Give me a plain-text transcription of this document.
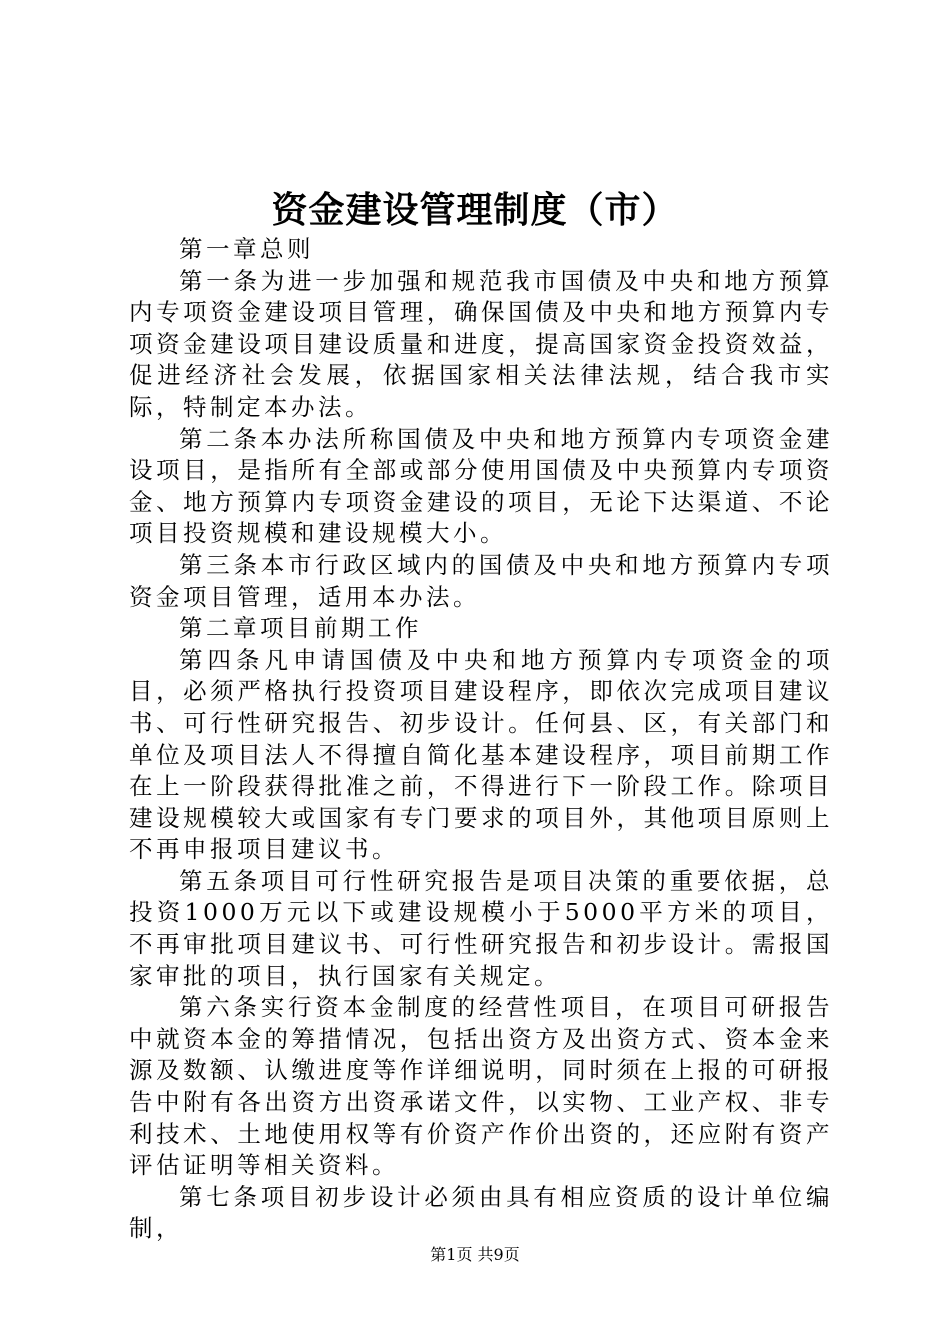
资金建设管理制度（市）

第一章总则

第一条为进一步加强和规范我市国债及中央和地方预算内专项资金建设项目管理，确保国债及中央和地方预算内专项资金建设项目建设质量和进度，提高国家资金投资效益，促进经济社会发展，依据国家相关法律法规，结合我市实际，特制定本办法。

第二条本办法所称国债及中央和地方预算内专项资金建设项目，是指所有全部或部分使用国债及中央预算内专项资金、地方预算内专项资金建设的项目，无论下达渠道、不论项目投资规模和建设规模大小。

第三条本市行政区域内的国债及中央和地方预算内专项资金项目管理，适用本办法。

第二章项目前期工作

第四条凡申请国债及中央和地方预算内专项资金的项目，必须严格执行投资项目建设程序，即依次完成项目建议书、可行性研究报告、初步设计。任何县、区，有关部门和单位及项目法人不得擅自简化基本建设程序，项目前期工作在上一阶段获得批准之前，不得进行下一阶段工作。除项目建设规模较大或国家有专门要求的项目外，其他项目原则上不再申报项目建议书。

第五条项目可行性研究报告是项目决策的重要依据，总投资1000万元以下或建设规模小于5000平方米的项目，不再审批项目建议书、可行性研究报告和初步设计。需报国家审批的项目，执行国家有关规定。

第六条实行资本金制度的经营性项目，在项目可研报告中就资本金的筹措情况，包括出资方及出资方式、资本金来源及数额、认缴进度等作详细说明，同时须在上报的可研报告中附有各出资方出资承诺文件，以实物、工业产权、非专利技术、土地使用权等有价资产作价出资的，还应附有资产评估证明等相关资料。

第七条项目初步设计必须由具有相应资质的设计单位编制，

第1页 共9页
